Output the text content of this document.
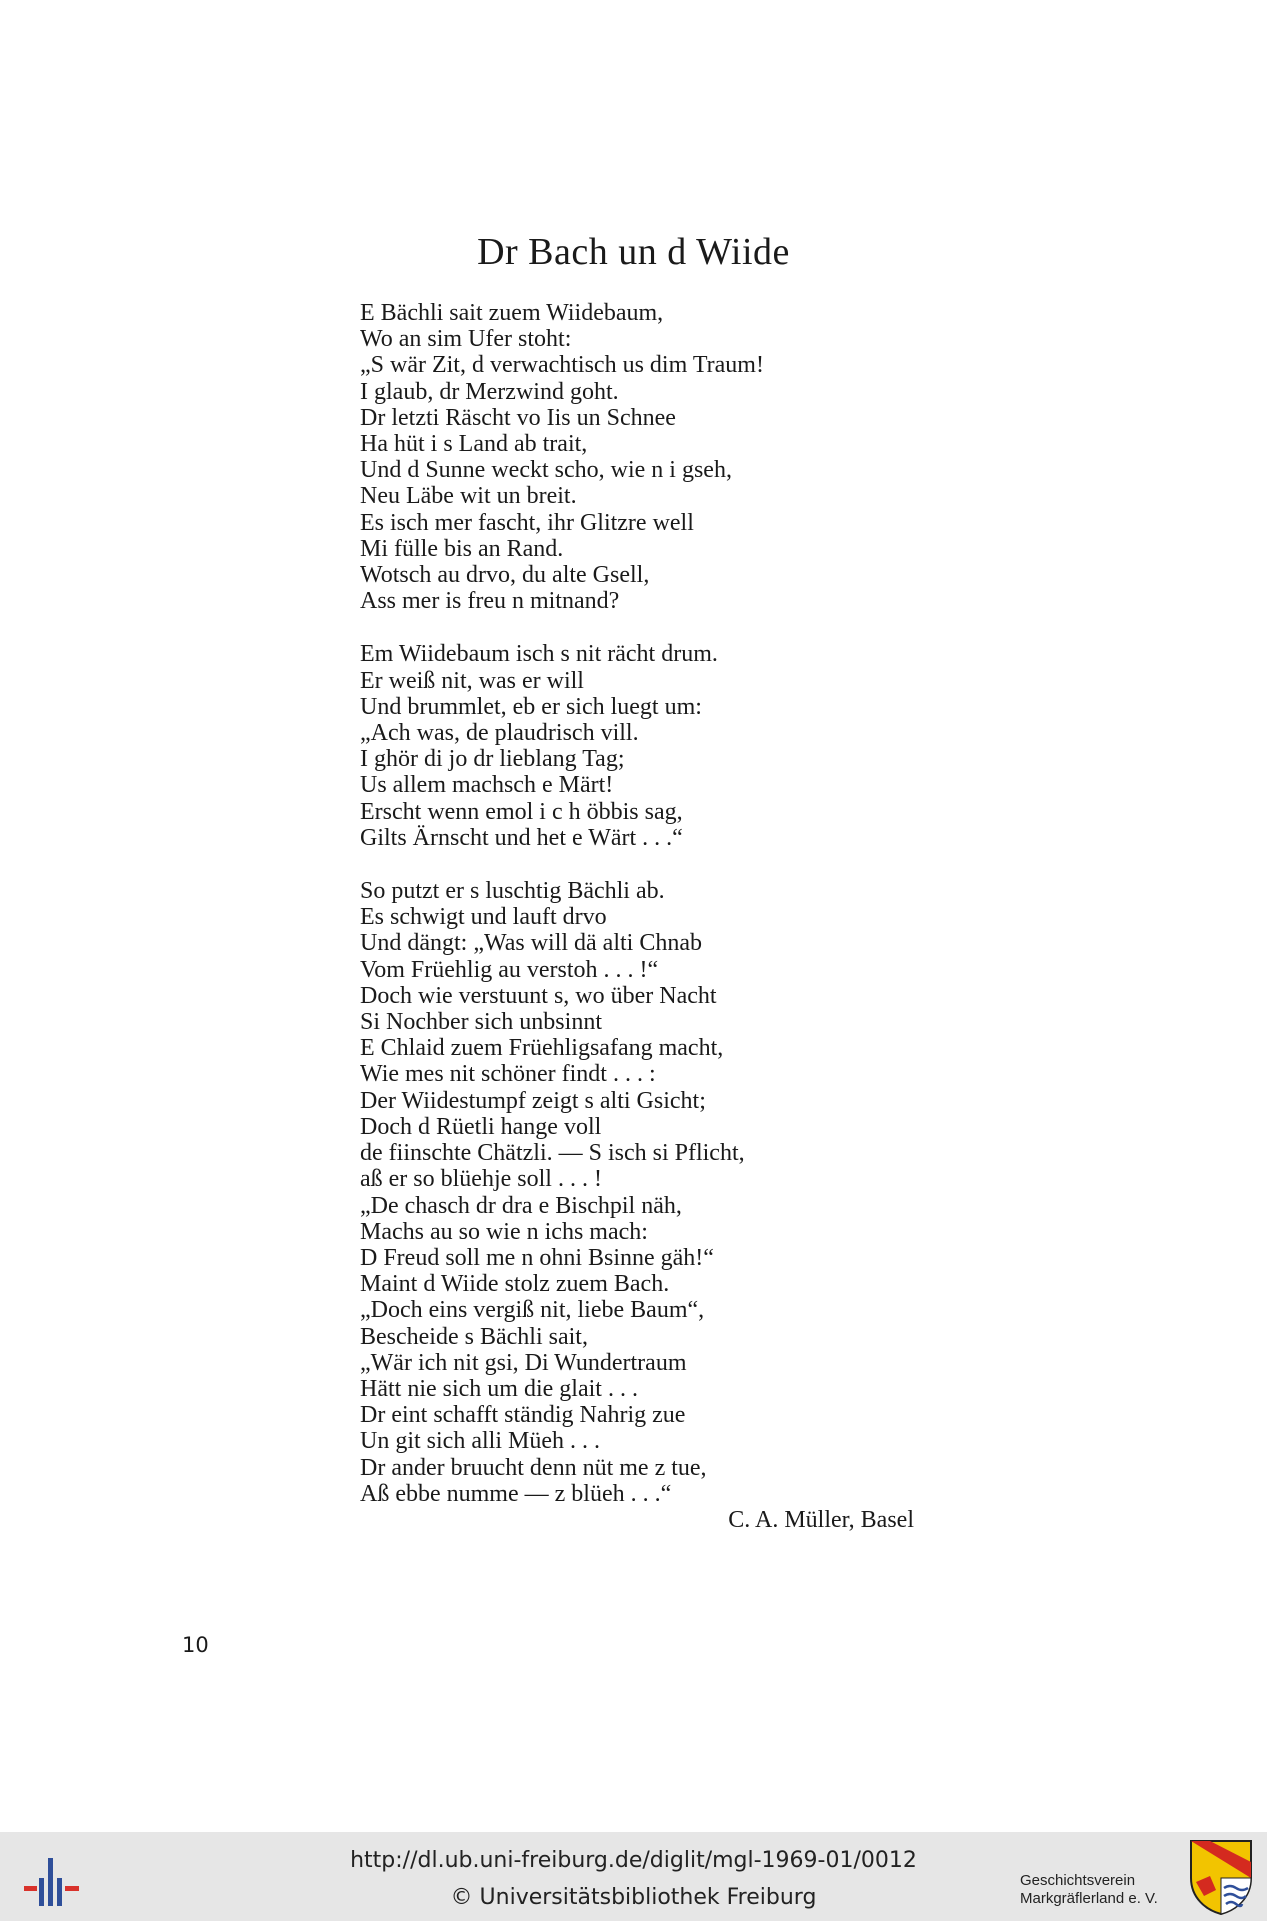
Dr Bach un d Wiide
E Bächli sait zuem Wiidebaum,
Wo an sim Ufer stoht:
„S wär Zit, d verwachtisch us dim Traum!
I glaub, dr Merzwind goht.
Dr letzti Räscht vo Iis un Schnee
Ha hüt i s Land ab trait,
Und d Sunne weckt scho, wie n i gseh,
Neu Läbe wit un breit.
Es isch mer fascht, ihr Glitzre well
Mi fülle bis an Rand.
Wotsch au drvo, du alte Gsell,
Ass mer is freu n mitnand?
Em Wiidebaum isch s nit rächt drum.
Er weiß nit, was er will
Und brummlet, eb er sich luegt um:
„Ach was, de plaudrisch vill.
I ghör di jo dr lieblang Tag;
Us allem machsch e Märt!
Erscht wenn emol i c h öbbis sag,
Gilts Ärnscht und het e Wärt . . .“
So putzt er s luschtig Bächli ab.
Es schwigt und lauft drvo
Und dängt: „Was will dä alti Chnab
Vom Früehlig au verstoh . . . !“
Doch wie verstuunt s, wo über Nacht
Si Nochber sich unbsinnt
E Chlaid zuem Früehligsafang macht,
Wie mes nit schöner findt . . . :
Der Wiidestumpf zeigt s alti Gsicht;
Doch d Rüetli hange voll
de fiinschte Chätzli. — S isch si Pflicht,
aß er so blüehje soll . . . !
„De chasch dr dra e Bischpil näh,
Machs au so wie n ichs mach:
D Freud soll me n ohni Bsinne gäh!“
Maint d Wiide stolz zuem Bach.
„Doch eins vergiß nit, liebe Baum“,
Bescheide s Bächli sait,
„Wär ich nit gsi, Di Wundertraum
Hätt nie sich um die glait . . .
Dr eint schafft ständig Nahrig zue
Un git sich alli Müeh . . .
Dr ander bruucht denn nüt me z tue,
Aß ebbe numme — z blüeh . . .“
C. A. Müller, Basel
10
http://dl.ub.uni-freiburg.de/diglit/mgl-1969-01/0012
© Universitätsbibliothek Freiburg
Geschichtsverein
Markgräflerland e. V.
